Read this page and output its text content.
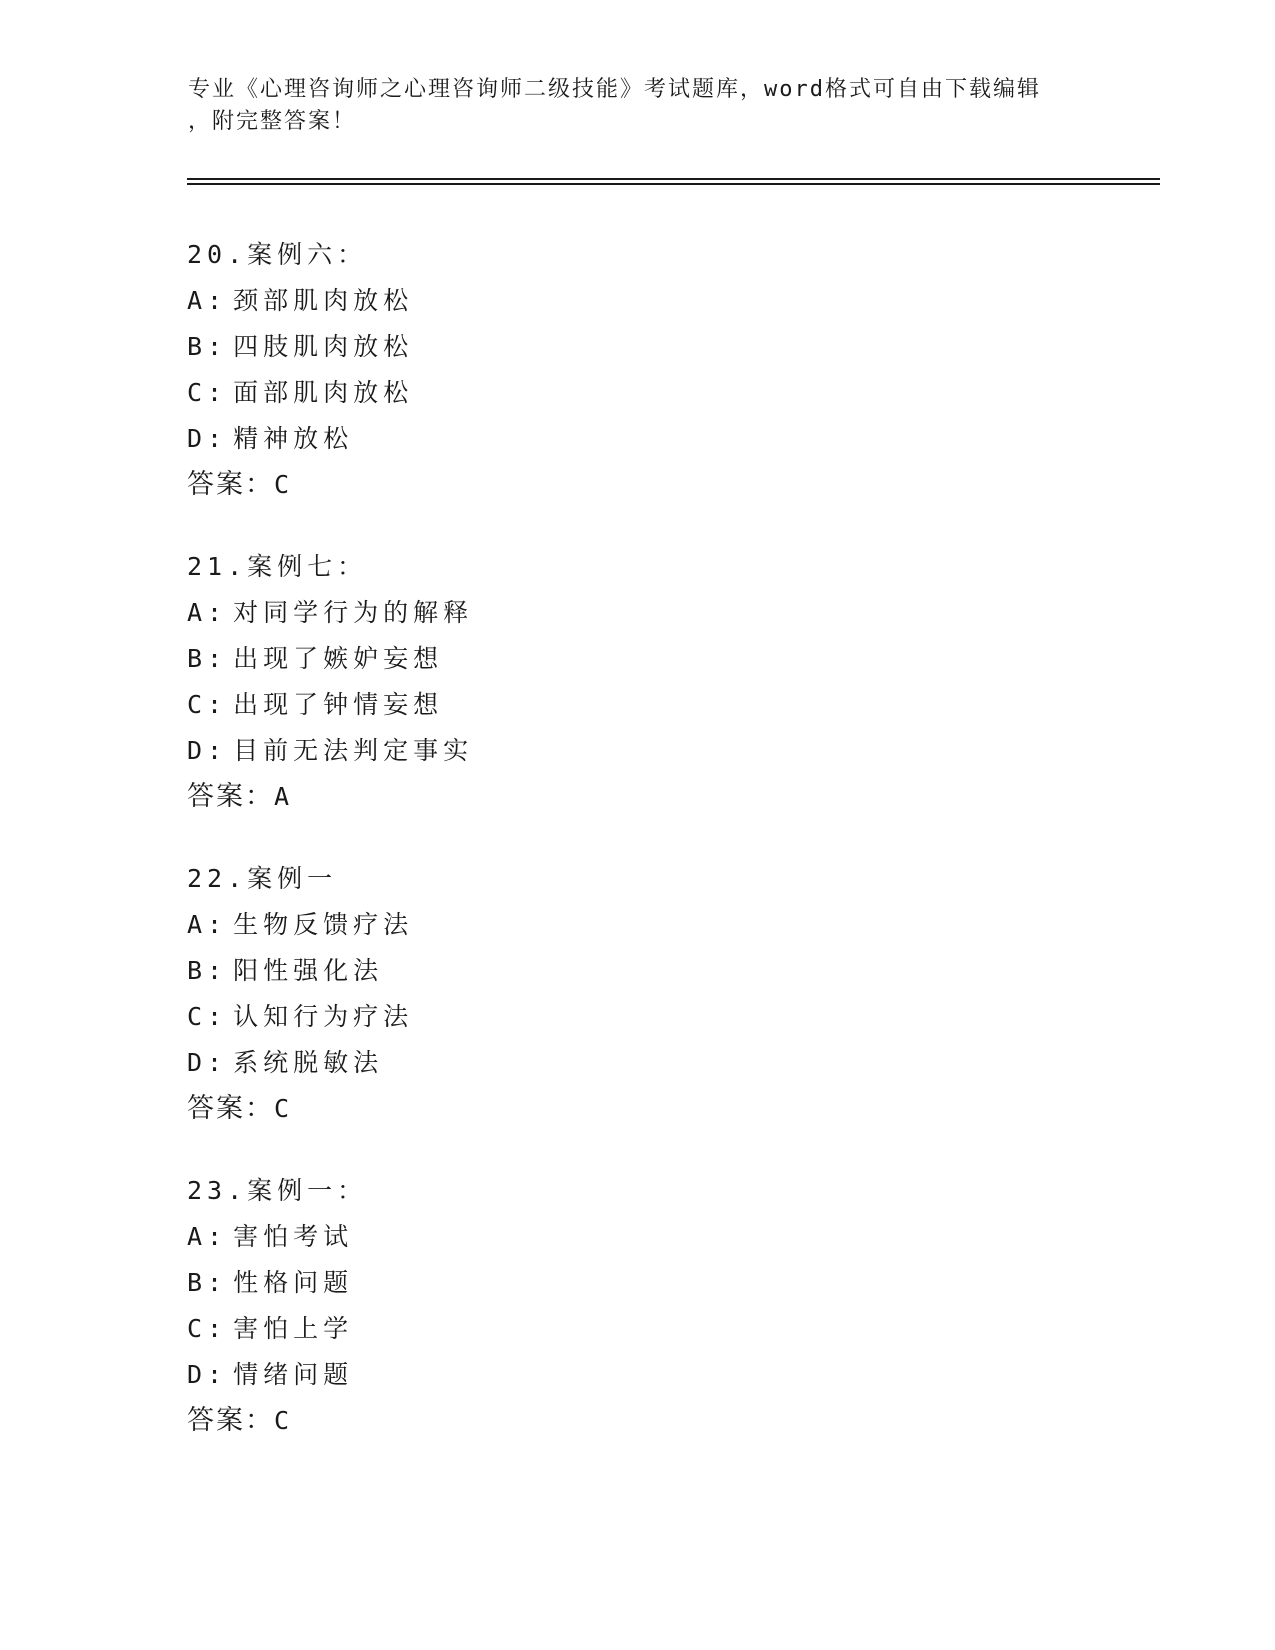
专业《心理咨询师之心理咨询师二级技能》考试题库，word格式可自由下载编辑
，附完整答案！
20.案例六：
A: 颈部肌肉放松
B: 四肢肌肉放松
C: 面部肌肉放松
D: 精神放松
答案：C
21.案例七：
A: 对同学行为的解释
B: 出现了嫉妒妄想
C: 出现了钟情妄想
D: 目前无法判定事实
答案：A
22.案例一
A: 生物反馈疗法
B: 阳性强化法
C: 认知行为疗法
D: 系统脱敏法
答案：C
23.案例一：
A: 害怕考试
B: 性格问题
C: 害怕上学
D: 情绪问题
答案：C
